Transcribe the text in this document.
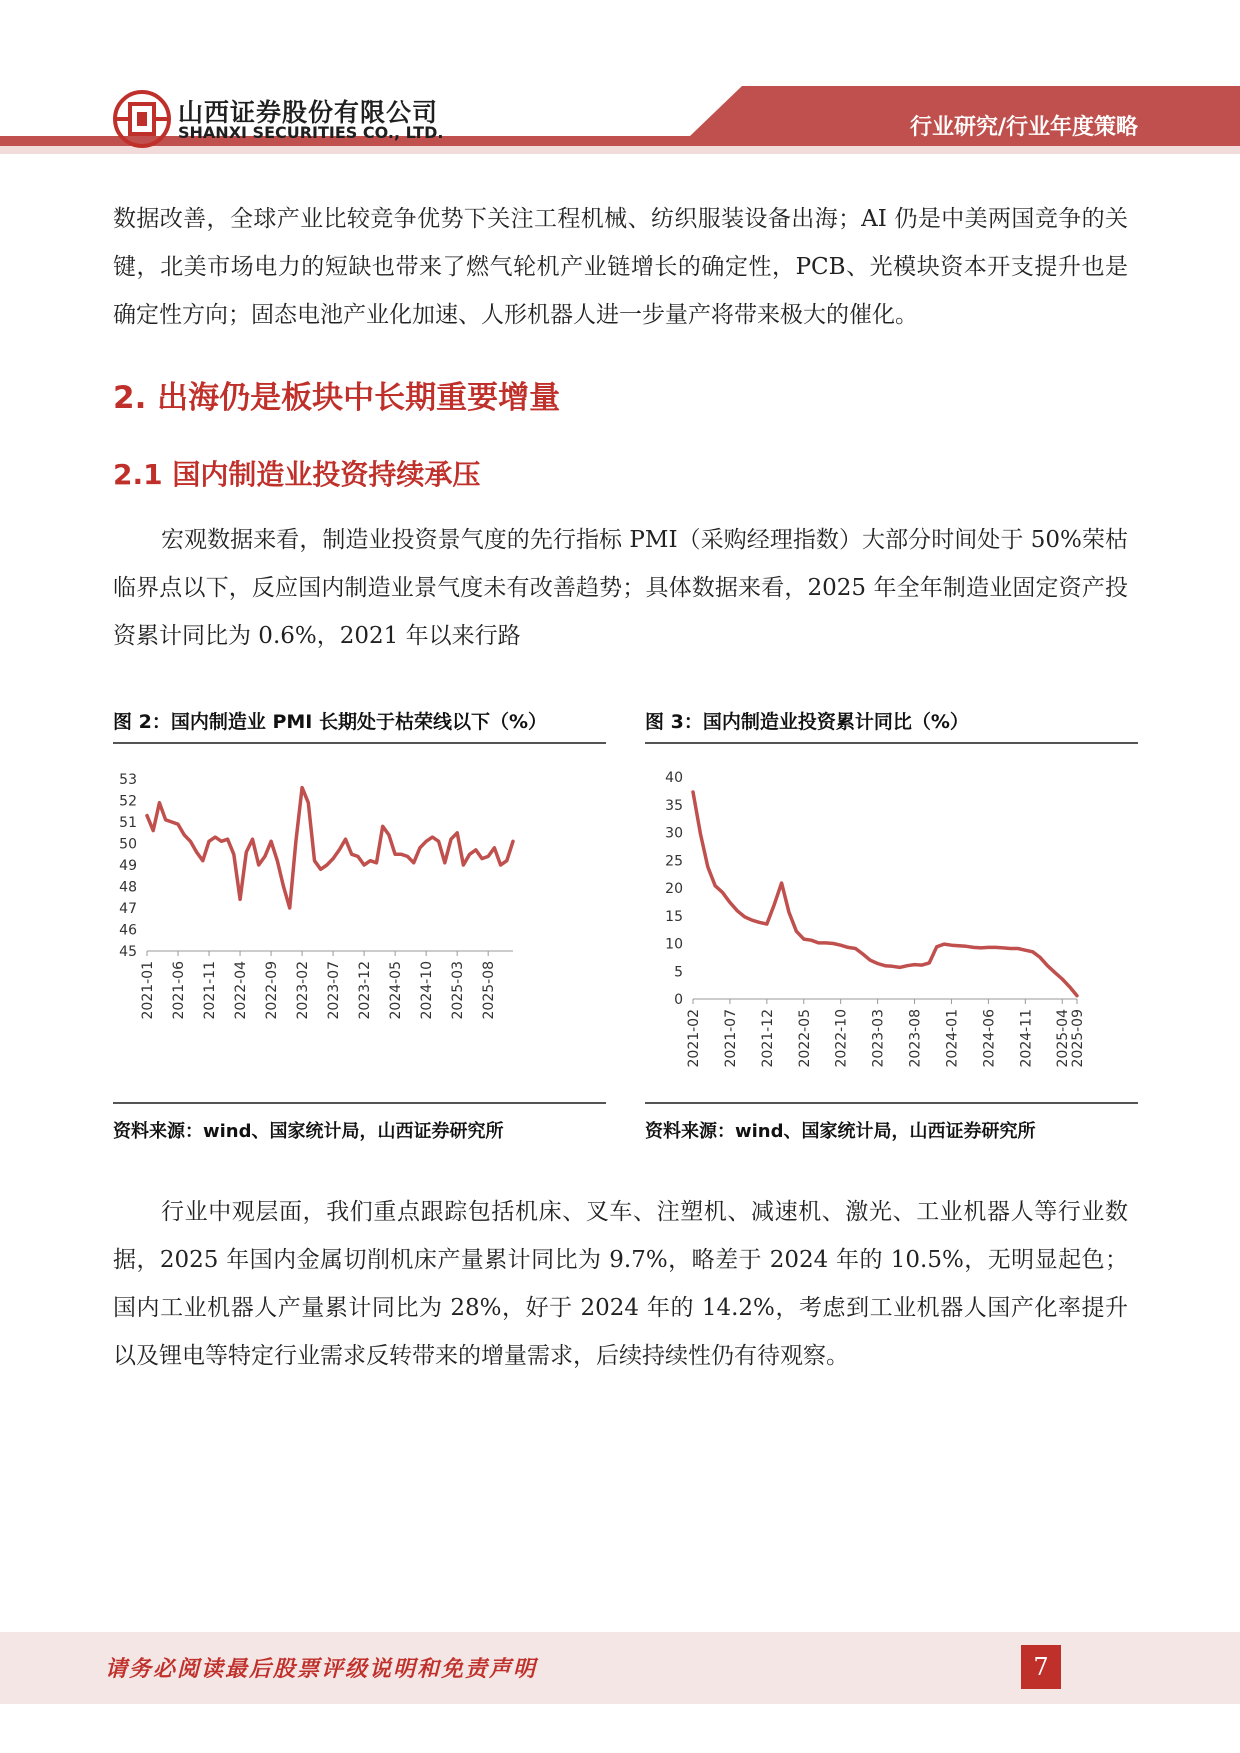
山西证券股份有限公司
SHANXI SECURITIES CO., LTD.	行业研究/行业年度策略

数据改善，全球产业比较竞争优势下关注工程机械、纺织服装设备出海；AI 仍是中美两国竞争的关键，北美市场电力的短缺也带来了燃气轮机产业链增长的确定性，PCB、光模块资本开支提升也是确定性方向；固态电池产业化加速、人形机器人进一步量产将带来极大的催化。

2. 出海仍是板块中长期重要增量
2.1 国内制造业投资持续承压

宏观数据来看，制造业投资景气度的先行指标 PMI（采购经理指数）大部分时间处于 50%荣枯临界点以下，反应国内制造业景气度未有改善趋势；具体数据来看，2025 年全年制造业固定资产投资累计同比为 0.6%，2021 年以来行路

图 2：国内制造业 PMI 长期处于枯荣线以下（%）	图 3：国内制造业投资累计同比（%）
45
46
47
48
49
50
51
52
53
2021-01 2021-06 2021-11 2022-04 2022-09 2023-02 2023-07 2023-12 2024-05 2024-10 2025-03 2025-08	0
5
10
15
20
25
30
35
40
2021-02 2021-07 2021-12 2022-05 2022-10 2023-03 2023-08 2024-01 2024-06 2024-11 2025-04
2025-09
资料来源：wind、国家统计局，山西证券研究所	资料来源：wind、国家统计局，山西证券研究所

行业中观层面，我们重点跟踪包括机床、叉车、注塑机、减速机、激光、工业机器人等行业数据，2025 年国内金属切削机床产量累计同比为 9.7%，略差于 2024 年的 10.5%，无明显起色；国内工业机器人产量累计同比为 28%，好于 2024 年的 14.2%，考虑到工业机器人国产化率提升以及锂电等特定行业需求反转带来的增量需求，后续持续性仍有待观察。

请务必阅读最后股票评级说明和免责声明	7
